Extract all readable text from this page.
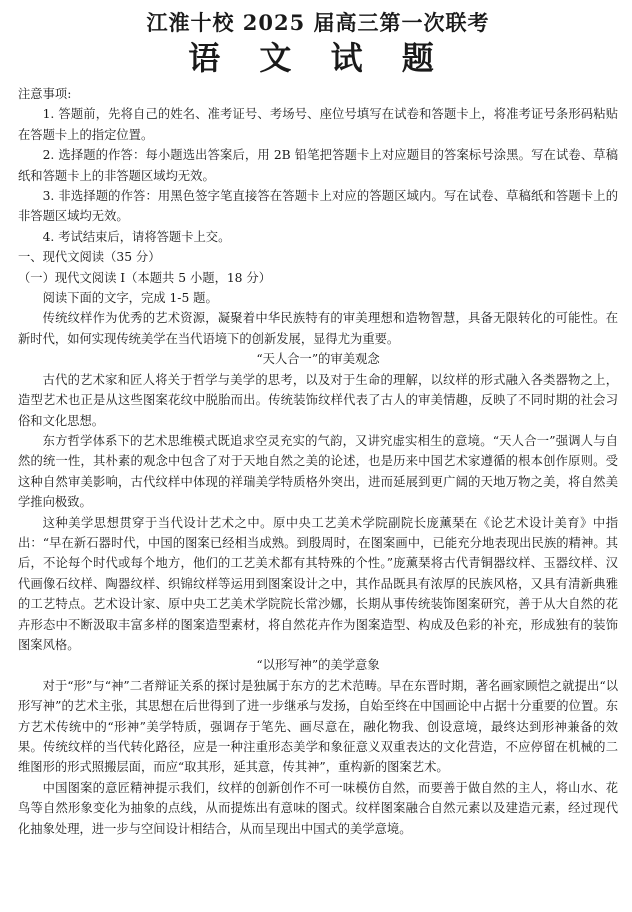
江淮十校 2025 届高三第一次联考
语 文 试 题

注意事项:

1. 答题前，先将自己的姓名、准考证号、考场号、座位号填写在试卷和答题卡上，将准考证号条形码粘贴在答题卡上的指定位置。

2. 选择题的作答：每小题选出答案后，用 2B 铅笔把答题卡上对应题目的答案标号涂黑。写在试卷、草稿纸和答题卡上的非答题区域均无效。

3. 非选择题的作答：用黑色签字笔直接答在答题卡上对应的答题区域内。写在试卷、草稿纸和答题卡上的非答题区域均无效。

4. 考试结束后，请将答题卡上交。

一、现代文阅读（35 分）

（一）现代文阅读 I（本题共 5 小题，18 分）

阅读下面的文字，完成 1-5 题。

传统纹样作为优秀的艺术资源，凝聚着中华民族特有的审美理想和造物智慧，具备无限转化的可能性。在新时代，如何实现传统美学在当代语境下的创新发展，显得尤为重要。

“天人合一”的审美观念

古代的艺术家和匠人将关于哲学与美学的思考，以及对于生命的理解，以纹样的形式融入各类器物之上，造型艺术也正是从这些图案花纹中脱胎而出。传统装饰纹样代表了古人的审美情趣，反映了不同时期的社会习俗和文化思想。

东方哲学体系下的艺术思维模式既追求空灵充实的气韵，又讲究虚实相生的意境。“天人合一”强调人与自然的统一性，其朴素的观念中包含了对于天地自然之美的论述，也是历来中国艺术家遵循的根本创作原则。受这种自然审美影响，古代纹样中体现的祥瑞美学特质格外突出，进而延展到更广阔的天地万物之美，将自然美学推向极致。

这种美学思想贯穿于当代设计艺术之中。原中央工艺美术学院副院长庞薰琹在《论艺术设计美育》中指出：“早在新石器时代，中国的图案已经相当成熟。到殷周时，在图案画中，已能充分地表现出民族的精神。其后，不论每个时代或每个地方，他们的工艺美术都有其特殊的个性。”庞薰琹将古代青铜器纹样、玉器纹样、汉代画像石纹样、陶器纹样、织锦纹样等运用到图案设计之中，其作品既具有浓厚的民族风格，又具有清新典雅的工艺特点。艺术设计家、原中央工艺美术学院院长常沙娜，长期从事传统装饰图案研究，善于从大自然的花卉形态中不断汲取丰富多样的图案造型素材，将自然花卉作为图案造型、构成及色彩的补充，形成独有的装饰图案风格。

“以形写神”的美学意象

对于“形”与“神”二者辩证关系的探讨是独属于东方的艺术范畴。早在东晋时期，著名画家顾恺之就提出“以形写神”的艺术主张，其思想在后世得到了进一步继承与发扬，自始至终在中国画论中占据十分重要的位置。东方艺术传统中的“形神”美学特质，强调存于笔先、画尽意在，融化物我、创设意境，最终达到形神兼备的效果。传统纹样的当代转化路径，应是一种注重形态美学和象征意义双重表达的文化营造，不应停留在机械的二维图形的形式照搬层面，而应“取其形，延其意，传其神”，重构新的图案艺术。

中国图案的意匠精神提示我们，纹样的创新创作不可一味模仿自然，而要善于做自然的主人，将山水、花鸟等自然形象变化为抽象的点线，从而提炼出有意味的图式。纹样图案融合自然元素以及建造元素，经过现代化抽象处理，进一步与空间设计相结合，从而呈现出中国式的美学意境。
